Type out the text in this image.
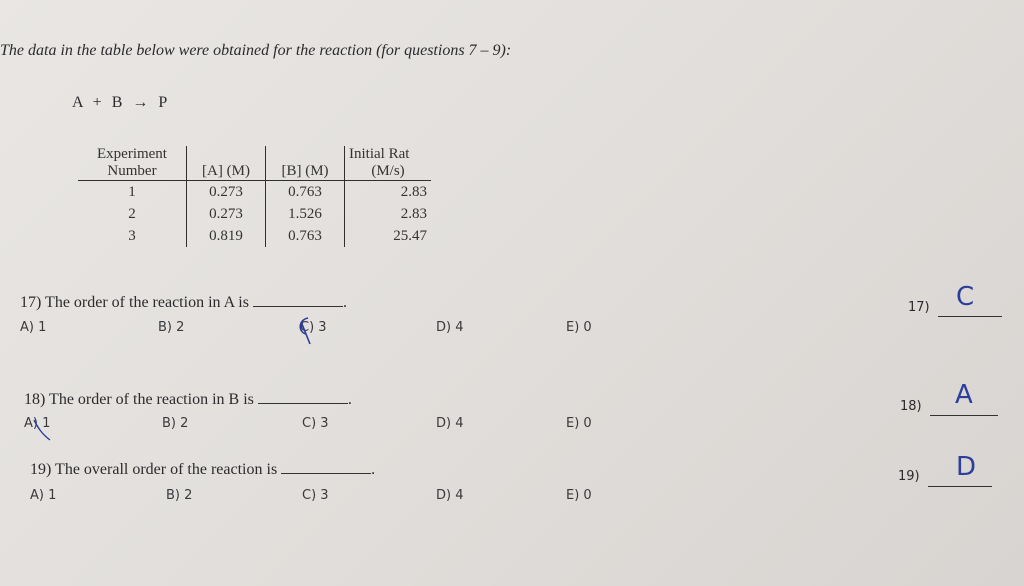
The data in the table below were obtained for the reaction (for questions 7 – 9):
A + B → P
Experiment			Initial Rat
Number	[A] (M)	[B] (M)	(M/s)
1	0.273	0.763	2.83
2	0.273	1.526	2.83
3	0.819	0.763	25.47
17) The order of the reaction in A is	.
A) 1	B) 2	C) 3	D) 4	E) 0
17) C
18) The order of the reaction in B is	.
A) 1	B) 2	C) 3	D) 4	E) 0
18) A
19) The overall order of the reaction is	.
A) 1	B) 2	C) 3	D) 4	E) 0
19) D
